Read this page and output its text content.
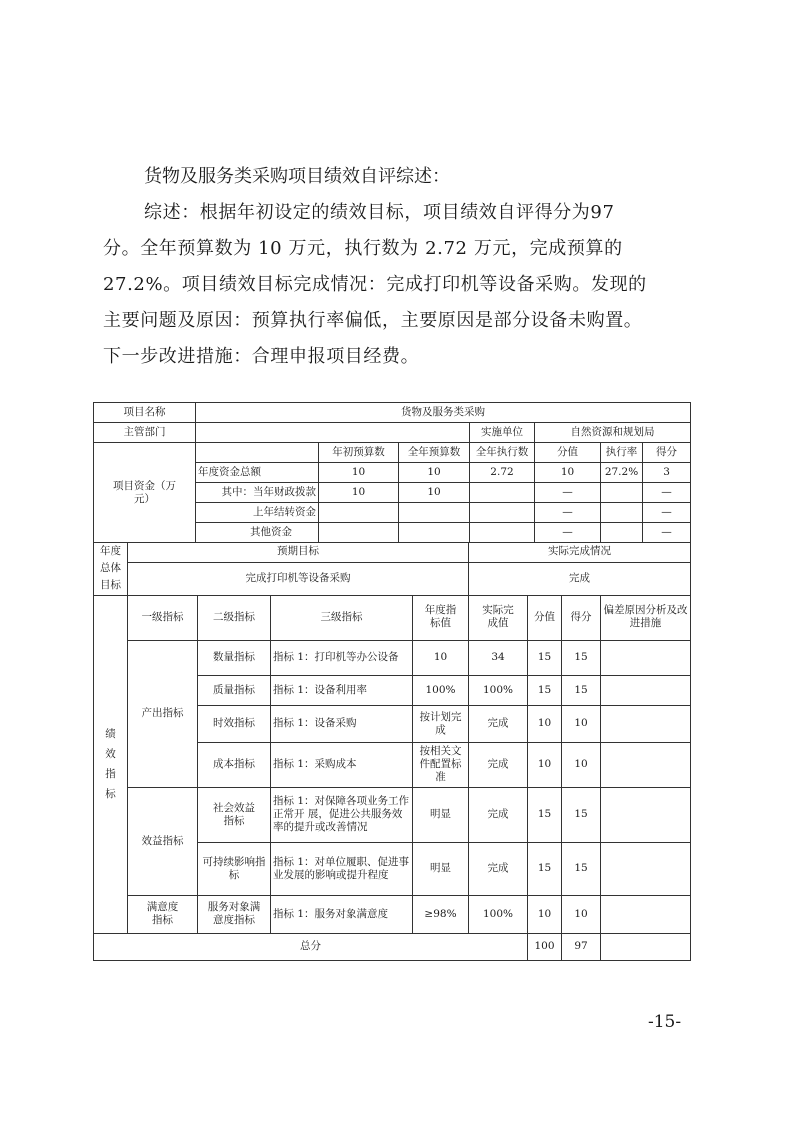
货物及服务类采购项目绩效自评综述：
综述：根据年初设定的绩效目标，项目绩效自评得分为97
分。全年预算数为 10 万元，执行数为 2.72 万元，完成预算的
27.2%。项目绩效目标完成情况：完成打印机等设备采购。发现的
主要问题及原因：预算执行率偏低，主要原因是部分设备未购置。
下一步改进措施：合理申报项目经费。
项目名称	货物及服务类采购						
主管部门				实施单位	自然资源和规划局		
项目资金（万元）		年初预算数	全年预算数	全年执行数	分值	执行率	得分
	年度资金总额	10	10	2.72	10	27.2%	3
	其中：当年财政拨款	10	10		—		—
	上年结转资金				—		—
	其他资金				—		—
年度总体目标	预期目标	实际完成情况
	完成打印机等设备采购	完成
绩效指标	一级指标	二级指标	三级指标	年度指标值	实际完成值	分值	得分	偏差原因分析及改进措施
	产出指标	数量指标	指标 1：打印机等办公设备	10	34	15	15	
		质量指标	指标 1：设备利用率	100%	100%	15	15	
		时效指标	指标 1：设备采购	按计划完成	完成	10	10	
		成本指标	指标 1：采购成本	按相关文件配置标准	完成	10	10	
	效益指标	社会效益指标	指标 1：对保障各项业务工作正常开 展，促进公共服务效率的提升或改善情况	明显	完成	15	15	
		可持续影响指标	指标 1：对单位履职、促进事业发展的影响或提升程度	明显	完成	15	15	
	满意度指标	服务对象满意度指标	指标 1：服务对象满意度	≥98%	100%	10	10	
总分						100	97	
-15-
